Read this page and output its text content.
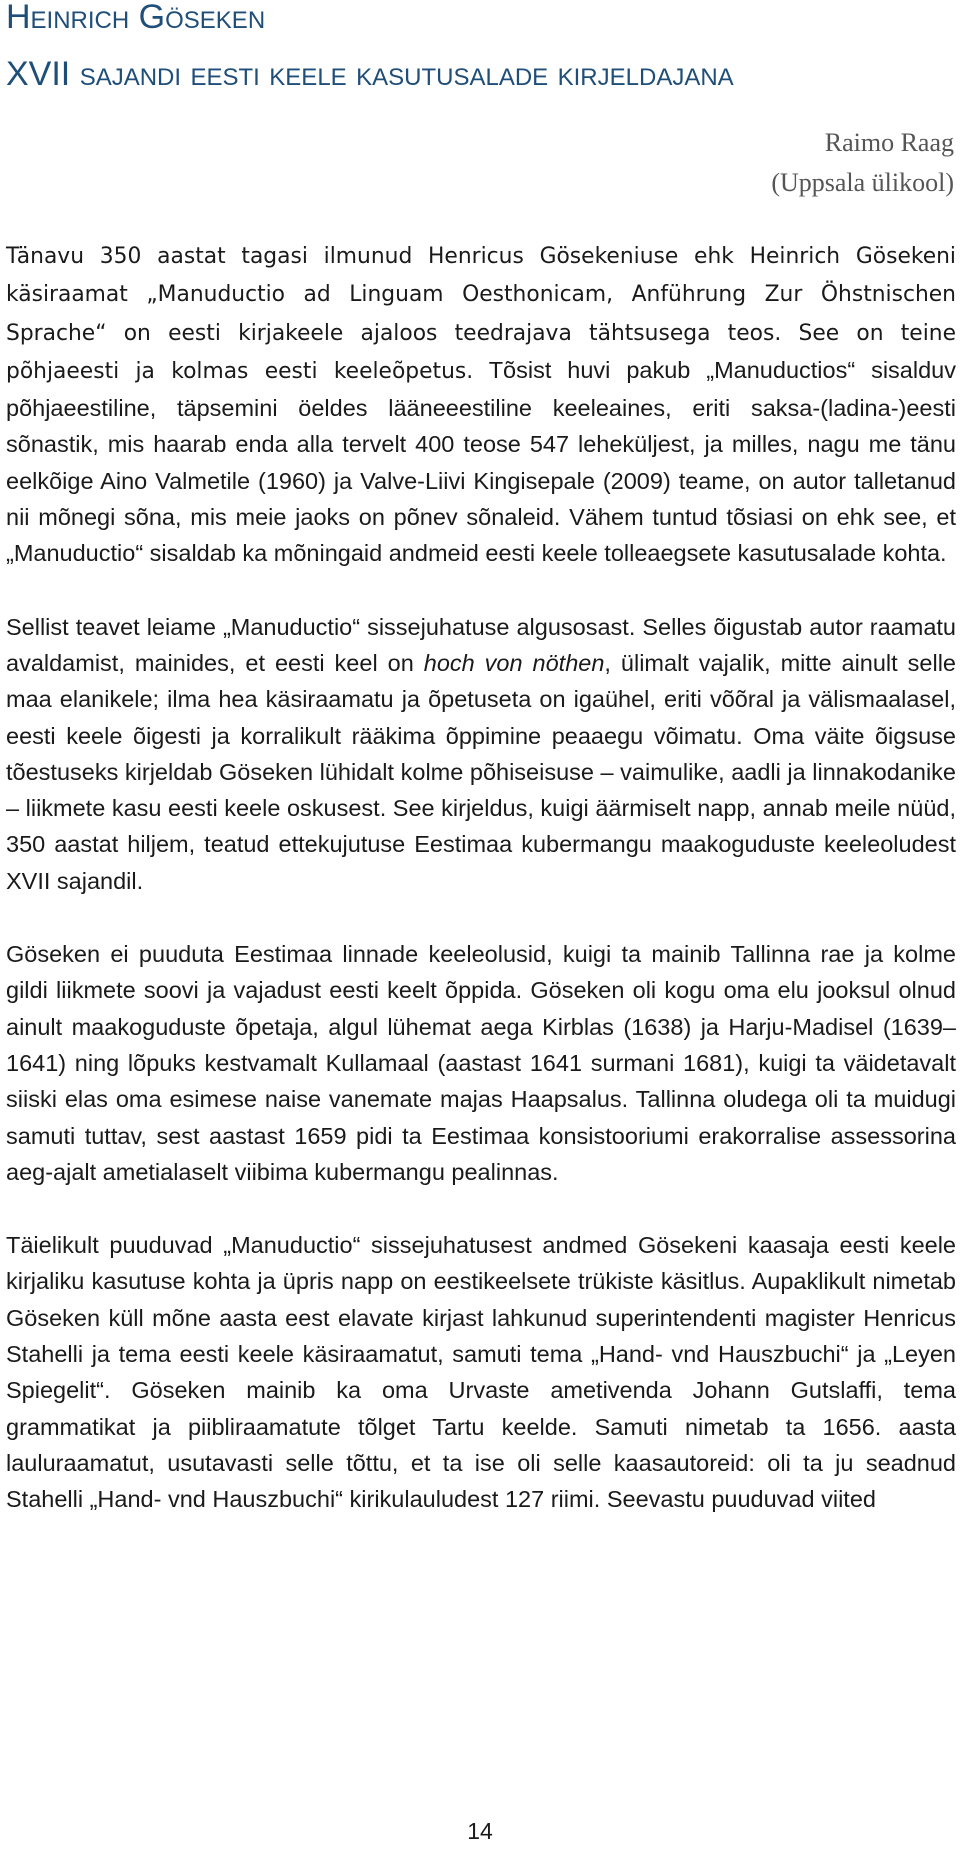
Heinrich Göseken
XVII sajandi eesti keele kasutusalade kirjeldajana
Raimo Raag
(Uppsala ülikool)

Tänavu 350 aastat tagasi ilmunud Henricus Gösekeniuse ehk Heinrich Gösekeni käsiraamat „Manuductio ad Linguam Oesthonicam, Anführung Zur Öhstnischen Sprache“ on eesti kirjakeele ajaloos teedrajava tähtsusega teos. See on teine põhjaeesti ja kolmas eesti keeleõpetus. Tõsist huvi pakub „Manuductios“ sisalduv põhjaeestiline, täpsemini öeldes lääneeestiline keeleaines, eriti saksa-(ladina-)eesti sõnastik, mis haarab enda alla tervelt 400 teose 547 leheküljest, ja milles, nagu me tänu eelkõige Aino Valmetile (1960) ja Valve-Liivi Kingisepale (2009) teame, on autor talletanud nii mõnegi sõna, mis meie jaoks on põnev sõnaleid. Vähem tuntud tõsiasi on ehk see, et „Manuductio“ sisaldab ka mõningaid andmeid eesti keele tolleaegsete kasutusalade kohta.

Sellist teavet leiame „Manuductio“ sissejuhatuse algusosast. Selles õigustab autor raamatu avaldamist, mainides, et eesti keel on hoch von nöthen, ülimalt vajalik, mitte ainult selle maa elanikele; ilma hea käsiraamatu ja õpetuseta on igaühel, eriti võõral ja välismaalasel, eesti keele õigesti ja korralikult rääkima õppimine peaaegu võimatu. Oma väite õigsuse tõestuseks kirjeldab Göseken lühidalt kolme põhiseisuse – vaimulike, aadli ja linnakodanike – liikmete kasu eesti keele oskusest. See kirjeldus, kuigi äärmiselt napp, annab meile nüüd, 350 aastat hiljem, teatud ettekujutuse Eestimaa kubermangu maakoguduste keeleoludest XVII sajandil.

Göseken ei puuduta Eestimaa linnade keeleolusid, kuigi ta mainib Tallinna rae ja kolme gildi liikmete soovi ja vajadust eesti keelt õppida. Göseken oli kogu oma elu jooksul olnud ainult maakoguduste õpetaja, algul lühemat aega Kirblas (1638) ja Harju-Madisel (1639–1641) ning lõpuks kestvamalt Kullamaal (aastast 1641 surmani 1681), kuigi ta väidetavalt siiski elas oma esimese naise vanemate majas Haapsalus. Tallinna oludega oli ta muidugi samuti tuttav, sest aastast 1659 pidi ta Eestimaa konsistooriumi erakorralise assessorina aeg-ajalt ametialaselt viibima kubermangu pealinnas.

Täielikult puuduvad „Manuductio“ sissejuhatusest andmed Gösekeni kaasaja eesti keele kirjaliku kasutuse kohta ja üpris napp on eestikeelsete trükiste käsitlus. Aupaklikult nimetab Göseken küll mõne aasta eest elavate kirjast lahkunud superintendenti magister Henricus Stahelli ja tema eesti keele käsiraamatut, samuti tema „Hand- vnd Hauszbuchi“ ja „Leyen Spiegelit“. Göseken mainib ka oma Urvaste ametivenda Johann Gutslaffi, tema grammatikat ja piibliraamatute tõlget Tartu keelde. Samuti nimetab ta 1656. aasta lauluraamatut, usutavasti selle tõttu, et ta ise oli selle kaasautoreid: oli ta ju seadnud Stahelli „Hand- vnd Hauszbuchi“ kirikulauludest 127 riimi. Seevastu puuduvad viited

14
